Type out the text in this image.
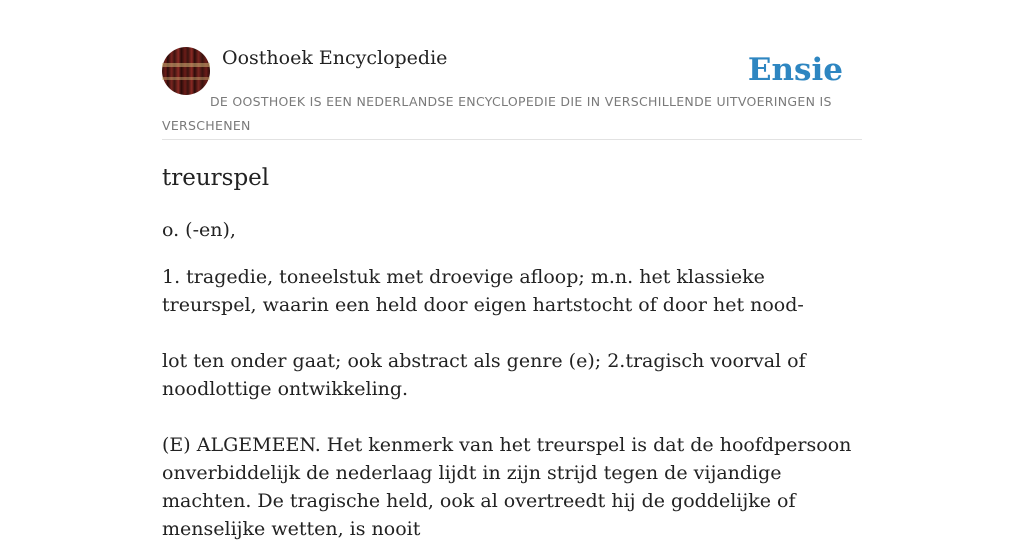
Oosthoek Encyclopedie	Ensie
DE OOSTHOEK IS EEN NEDERLANDSE ENCYCLOPEDIE DIE IN VERSCHILLENDE UITVOERINGEN IS VERSCHENEN
treurspel

o. (-en),

1. tragedie, toneelstuk met droevige afloop; m.n. het klassieke treurspel, waarin een held door eigen hartstocht of door het nood-

lot ten onder gaat; ook abstract als genre (e); 2.tragisch voorval of noodlottige ontwikkeling.

(E) ALGEMEEN. Het kenmerk van het treurspel is dat de hoofdpersoon onverbiddelijk de nederlaag lijdt in zijn strijd tegen de vijandige machten. De tragische held, ook al overtreedt hij de goddelijke of menselijke wetten, is nooit
